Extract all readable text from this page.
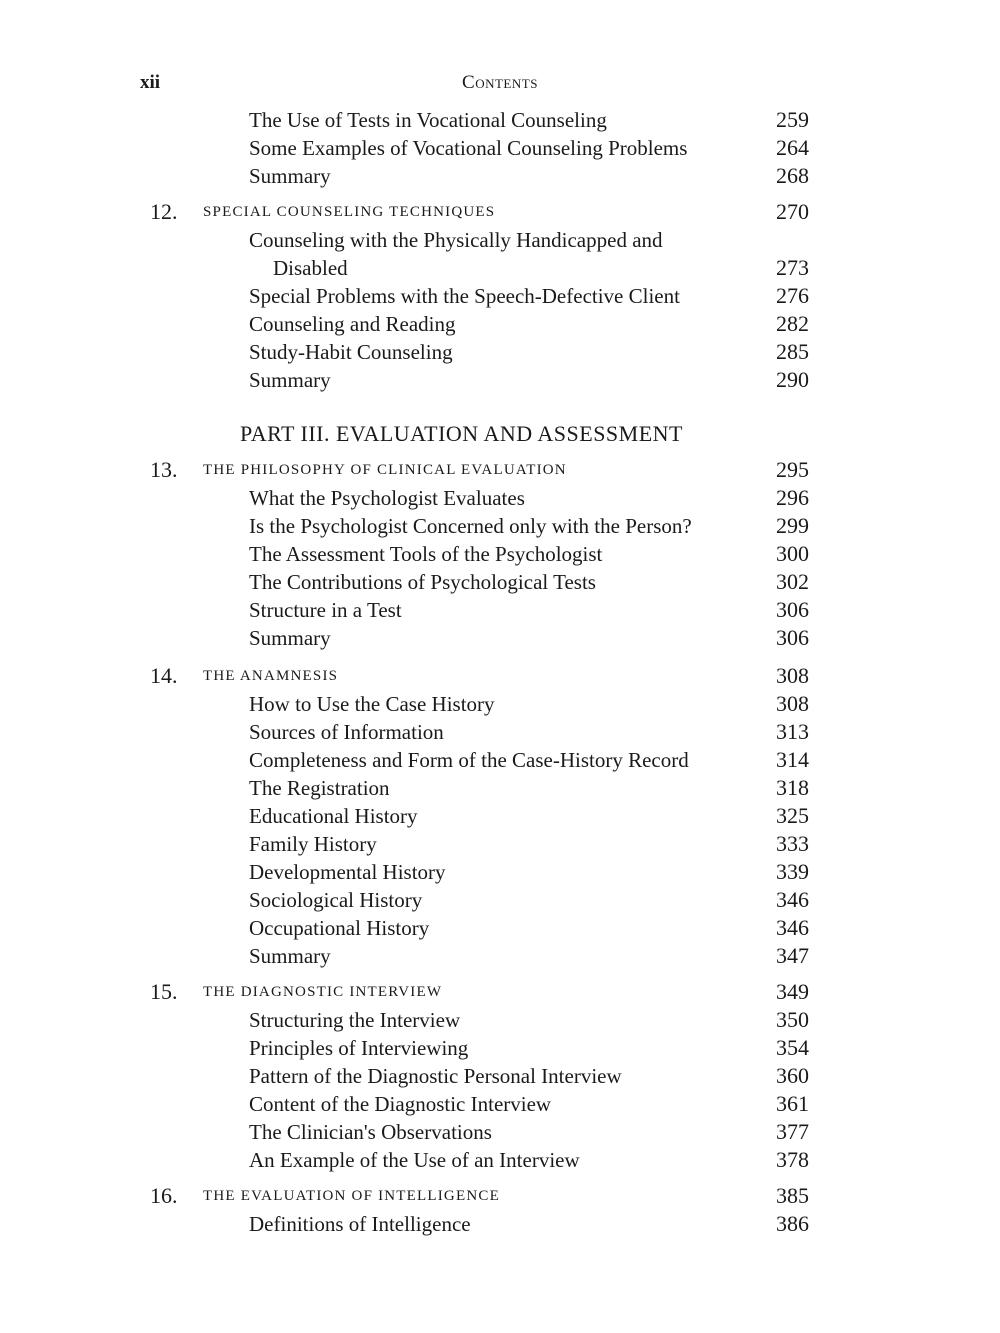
xii	Contents
The Use of Tests in Vocational Counseling	259
Some Examples of Vocational Counseling Problems	264
Summary	268
12. SPECIAL COUNSELING TECHNIQUES	270
Counseling with the Physically Handicapped and
Disabled	273
Special Problems with the Speech-Defective Client	276
Counseling and Reading	282
Study-Habit Counseling	285
Summary	290
PART III. EVALUATION AND ASSESSMENT
13. THE PHILOSOPHY OF CLINICAL EVALUATION	295
What the Psychologist Evaluates	296
Is the Psychologist Concerned only with the Person?	299
The Assessment Tools of the Psychologist	300
The Contributions of Psychological Tests	302
Structure in a Test	306
Summary	306
14. THE ANAMNESIS	308
How to Use the Case History	308
Sources of Information	313
Completeness and Form of the Case-History Record	314
The Registration	318
Educational History	325
Family History	333
Developmental History	339
Sociological History	346
Occupational History	346
Summary	347
15. THE DIAGNOSTIC INTERVIEW	349
Structuring the Interview	350
Principles of Interviewing	354
Pattern of the Diagnostic Personal Interview	360
Content of the Diagnostic Interview	361
The Clinician's Observations	377
An Example of the Use of an Interview	378
16. THE EVALUATION OF INTELLIGENCE	385
Definitions of Intelligence	386
